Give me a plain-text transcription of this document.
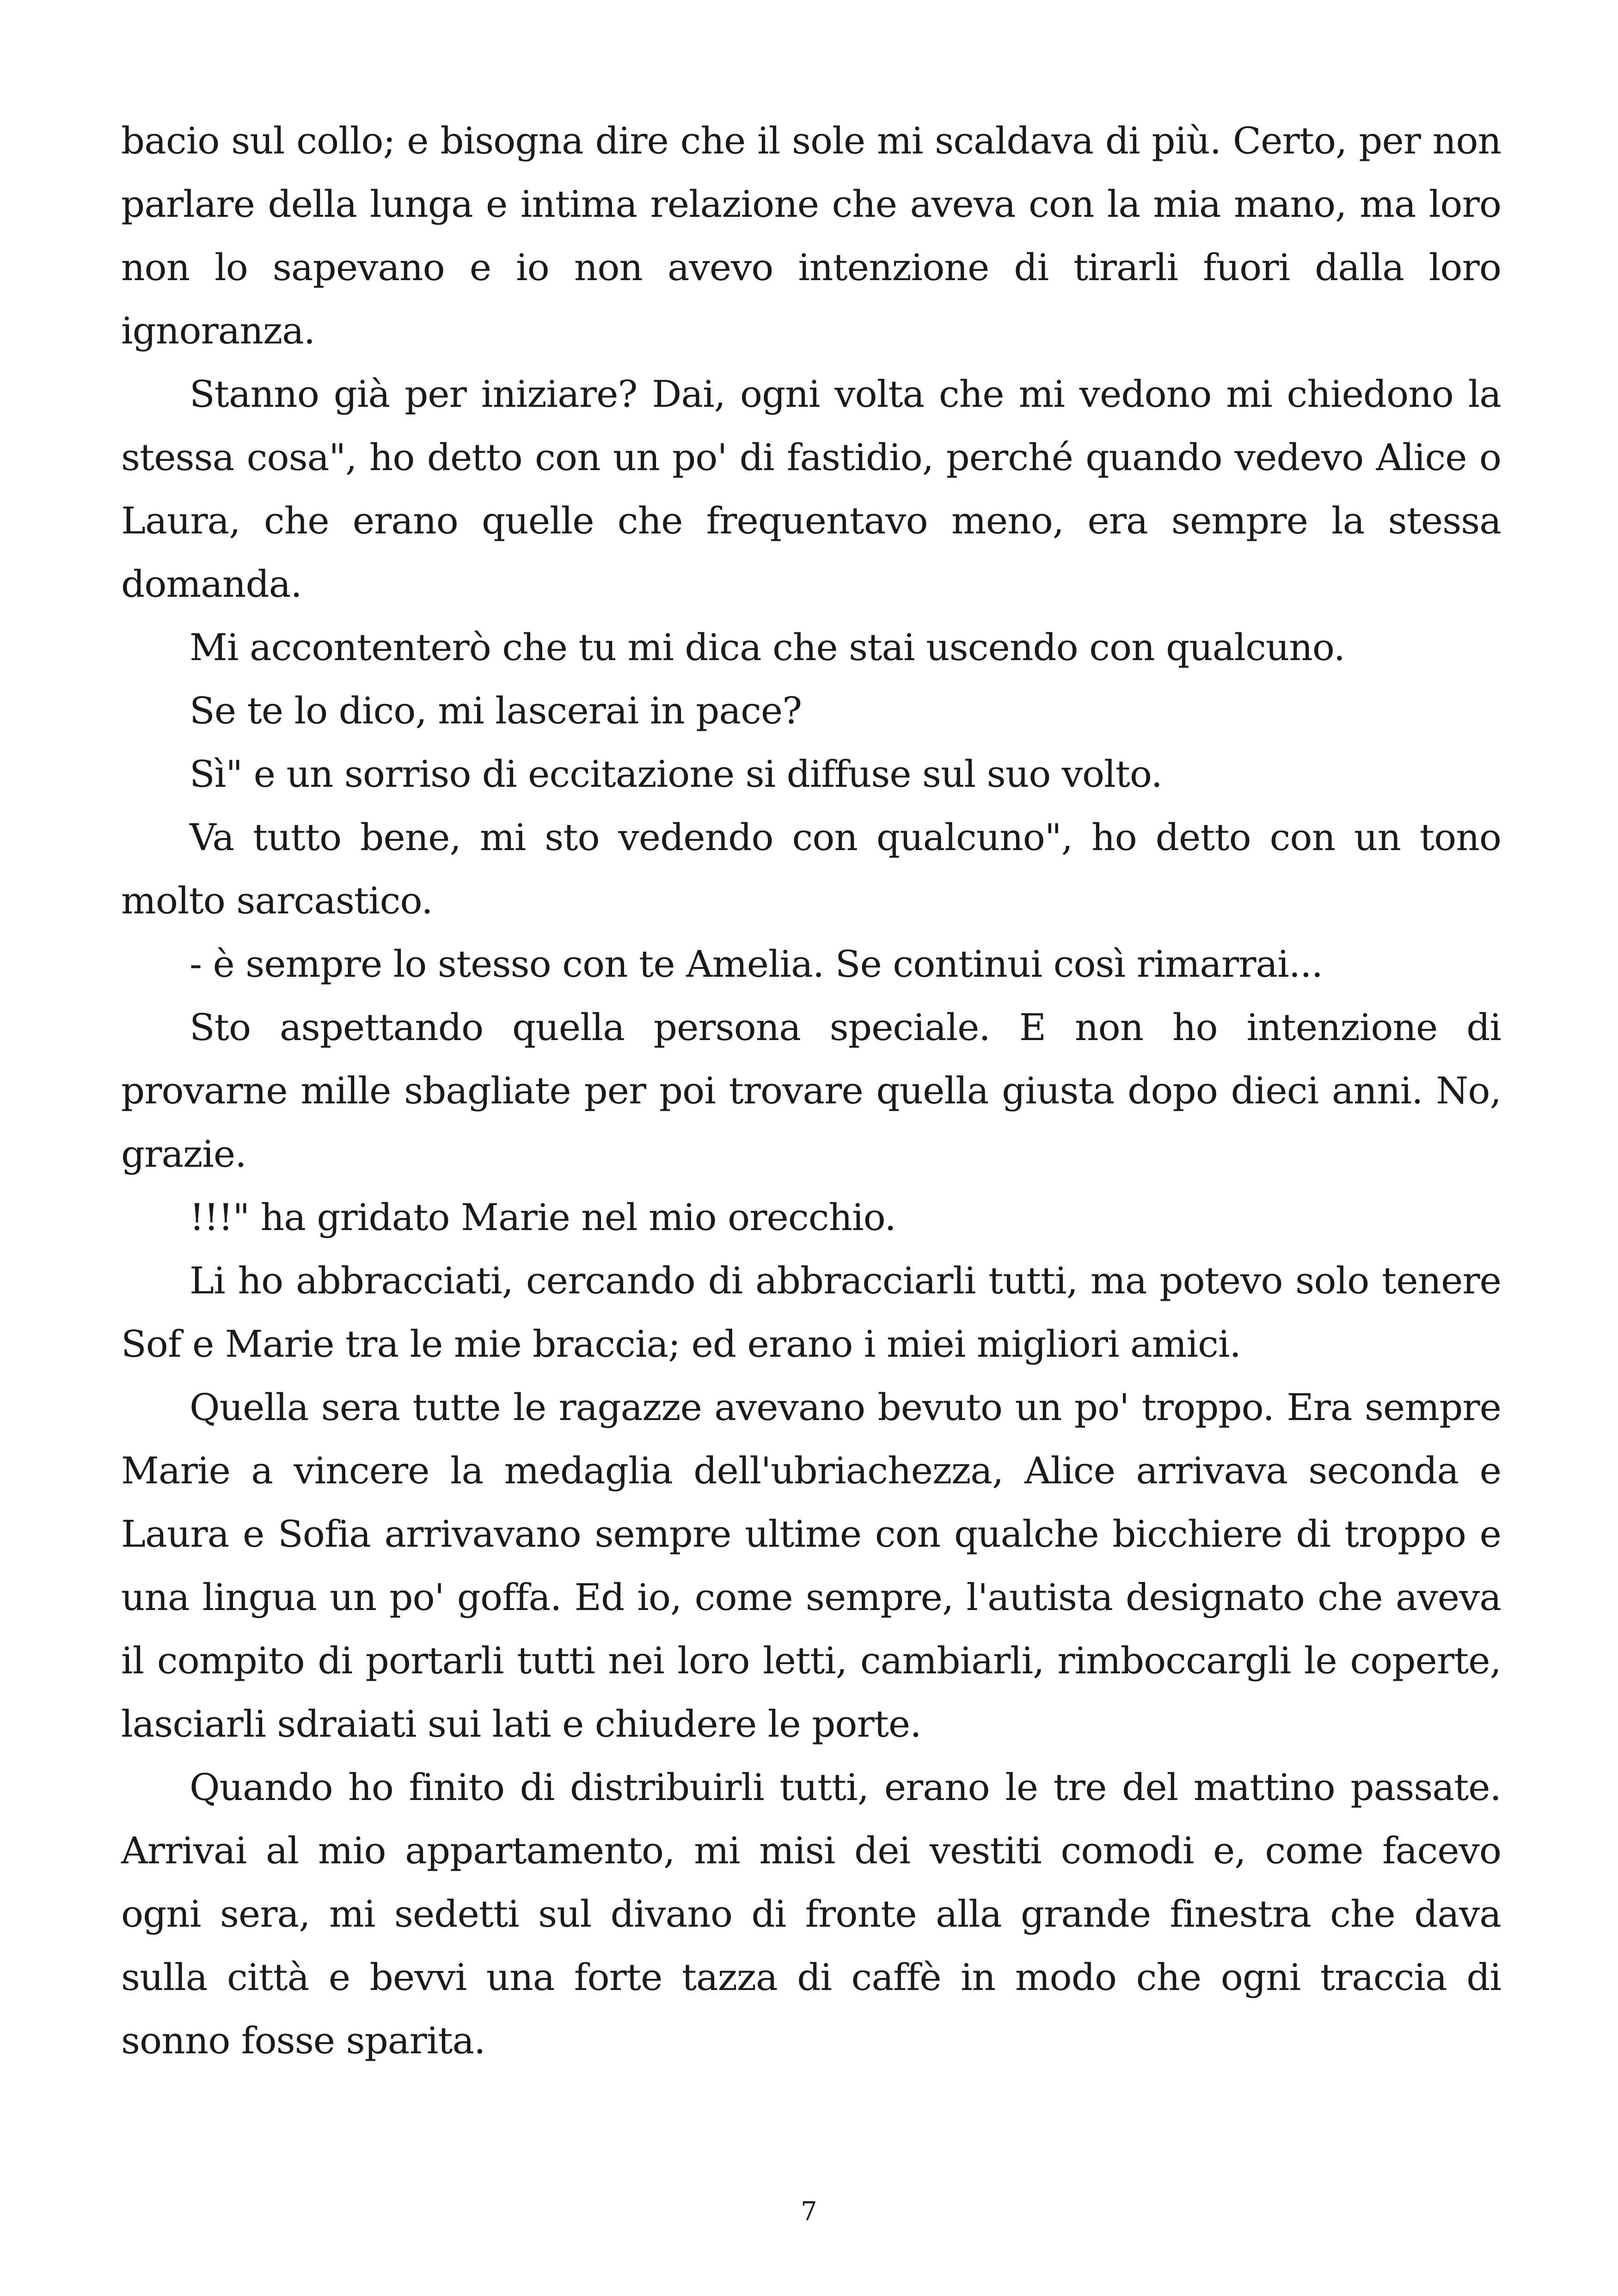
bacio sul collo; e bisogna dire che il sole mi scaldava di più. Certo, per non parlare della lunga e intima relazione che aveva con la mia mano, ma loro non lo sapevano e io non avevo intenzione di tirarli fuori dalla loro ignoranza.

Stanno già per iniziare? Dai, ogni volta che mi vedono mi chiedono la stessa cosa", ho detto con un po' di fastidio, perché quando vedevo Alice o Laura, che erano quelle che frequentavo meno, era sempre la stessa domanda.

Mi accontenterò che tu mi dica che stai uscendo con qualcuno.

Se te lo dico, mi lascerai in pace?

Sì" e un sorriso di eccitazione si diffuse sul suo volto.

Va tutto bene, mi sto vedendo con qualcuno", ho detto con un tono molto sarcastico.

- è sempre lo stesso con te Amelia. Se continui così rimarrai...

Sto aspettando quella persona speciale. E non ho intenzione di provarne mille sbagliate per poi trovare quella giusta dopo dieci anni. No, grazie.

!!!" ha gridato Marie nel mio orecchio.

Li ho abbracciati, cercando di abbracciarli tutti, ma potevo solo tenere Sof e Marie tra le mie braccia; ed erano i miei migliori amici.

Quella sera tutte le ragazze avevano bevuto un po' troppo. Era sempre Marie a vincere la medaglia dell'ubriachezza, Alice arrivava seconda e Laura e Sofia arrivavano sempre ultime con qualche bicchiere di troppo e una lingua un po' goffa. Ed io, come sempre, l'autista designato che aveva il compito di portarli tutti nei loro letti, cambiarli, rimboccargli le coperte, lasciarli sdraiati sui lati e chiudere le porte.

Quando ho finito di distribuirli tutti, erano le tre del mattino passate. Arrivai al mio appartamento, mi misi dei vestiti comodi e, come facevo ogni sera, mi sedetti sul divano di fronte alla grande finestra che dava sulla città e bevvi una forte tazza di caffè in modo che ogni traccia di sonno fosse sparita.

7
